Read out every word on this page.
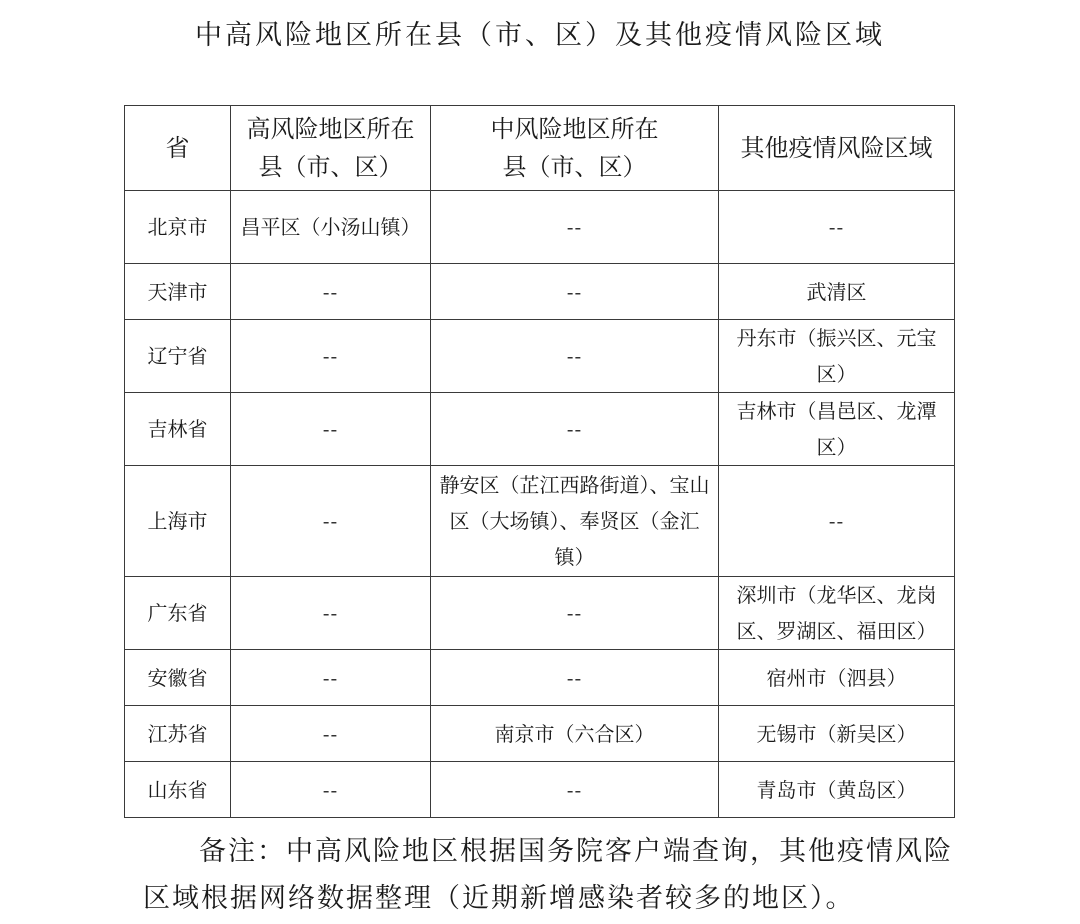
中高风险地区所在县（市、区）及其他疫情风险区域
省	高风险地区所在县（市、区）	中风险地区所在县（市、区）	其他疫情风险区域
北京市	昌平区（小汤山镇）	--	--
天津市	--	--	武清区
辽宁省	--	--	丹东市（振兴区、元宝区）
吉林省	--	--	吉林市（昌邑区、龙潭区）
上海市	--	静安区（芷江西路街道）、宝山区（大场镇）、奉贤区（金汇镇）	--
广东省	--	--	深圳市（龙华区、龙岗区、罗湖区、福田区）
安徽省	--	--	宿州市（泗县）
江苏省	--	南京市（六合区）	无锡市（新吴区）
山东省	--	--	青岛市（黄岛区）
备注：中高风险地区根据国务院客户端查询，其他疫情风险区域根据网络数据整理（近期新增感染者较多的地区）。
